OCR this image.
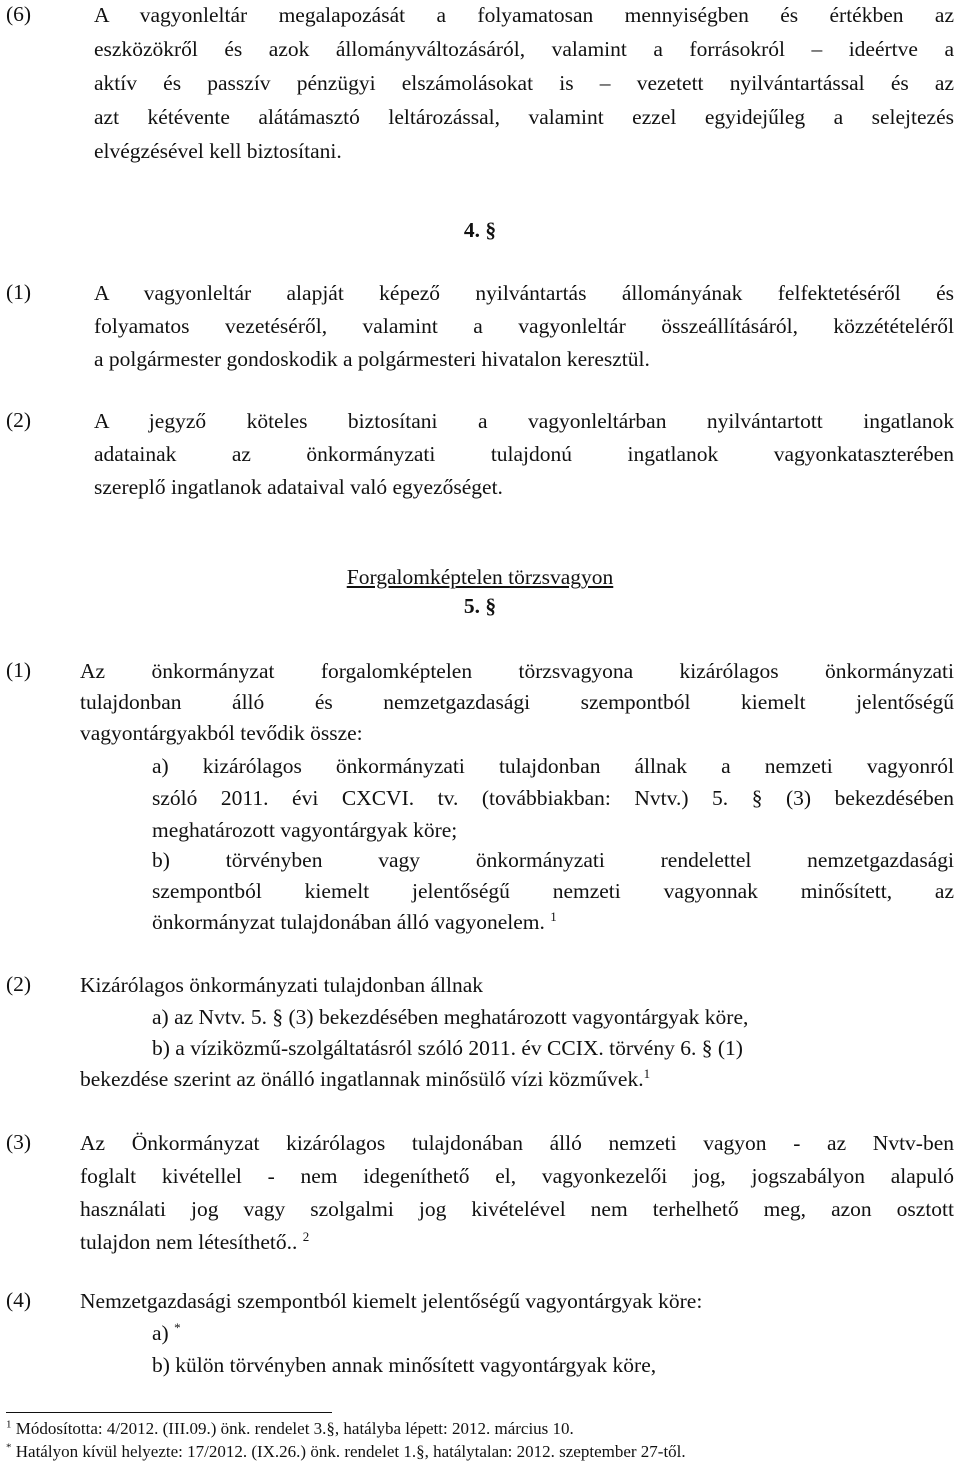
(6)	A vagyonleltár megalapozását a folyamatosan mennyiségben és értékben az
eszközökről és azok állományváltozásáról, valamint a forrásokról – ideértve a
aktív és passzív pénzügyi elszámolásokat is – vezetett nyilvántartással és az
azt kétévente alátámasztó leltározással, valamint ezzel egyidejűleg a selejtezés
elvégzésével kell biztosítani.
4. §
(1)	A vagyonleltár alapját képező nyilvántartás állományának felfektetéséről és
folyamatos vezetéséről, valamint a vagyonleltár összeállításáról, közzétételéről
a polgármester gondoskodik a polgármesteri hivatalon keresztül.
(2)	A jegyző köteles biztosítani a vagyonleltárban nyilvántartott ingatlanok
adatainak az önkormányzati tulajdonú ingatlanok vagyonkataszterében
szereplő ingatlanok adataival való egyezőséget.
Forgalomképtelen törzsvagyon
5. §
(1) Az önkormányzat forgalomképtelen törzsvagyona kizárólagos önkormányzati
tulajdonban álló és nemzetgazdasági szempontból kiemelt jelentőségű
vagyontárgyakból tevődik össze:
a) kizárólagos önkormányzati tulajdonban állnak a nemzeti vagyonról
szóló 2011. évi CXCVI. tv. (továbbiakban: Nvtv.) 5. § (3) bekezdésében
meghatározott vagyontárgyak köre;
b) törvényben vagy önkormányzati rendelettel nemzetgazdasági
szempontból kiemelt jelentőségű nemzeti vagyonnak minősített, az
önkormányzat tulajdonában álló vagyonelem. $^1$
(2) Kizárólagos önkormányzati tulajdonban állnak
a) az Nvtv. 5. § (3) bekezdésében meghatározott vagyontárgyak köre,
b) a víziközmű-szolgáltatásról szóló 2011. év CCIX. törvény 6. § (1)
bekezdése szerint az önálló ingatlannak minősülő vízi közművek.$^1$
(3) Az Önkormányzat kizárólagos tulajdonában álló nemzeti vagyon - az Nvtv-ben
foglalt kivétellel - nem idegeníthető el, vagyonkezelői jog, jogszabályon alapuló
használati jog vagy szolgalmi jog kivételével nem terhelhető meg, azon osztott
tulajdon nem létesíthető.. $^2$
(4) Nemzetgazdasági szempontból kiemelt jelentőségű vagyontárgyak köre:
a) *
b) külön törvényben annak minősített vagyontárgyak köre,
$^1$ Módosította: 4/2012. (III.09.) önk. rendelet 3.§, hatályba lépett: 2012. március 10.
* Hatályon kívül helyezte: 17/2012. (IX.26.) önk. rendelet 1.§, hatálytalan: 2012. szeptember 27-től.
